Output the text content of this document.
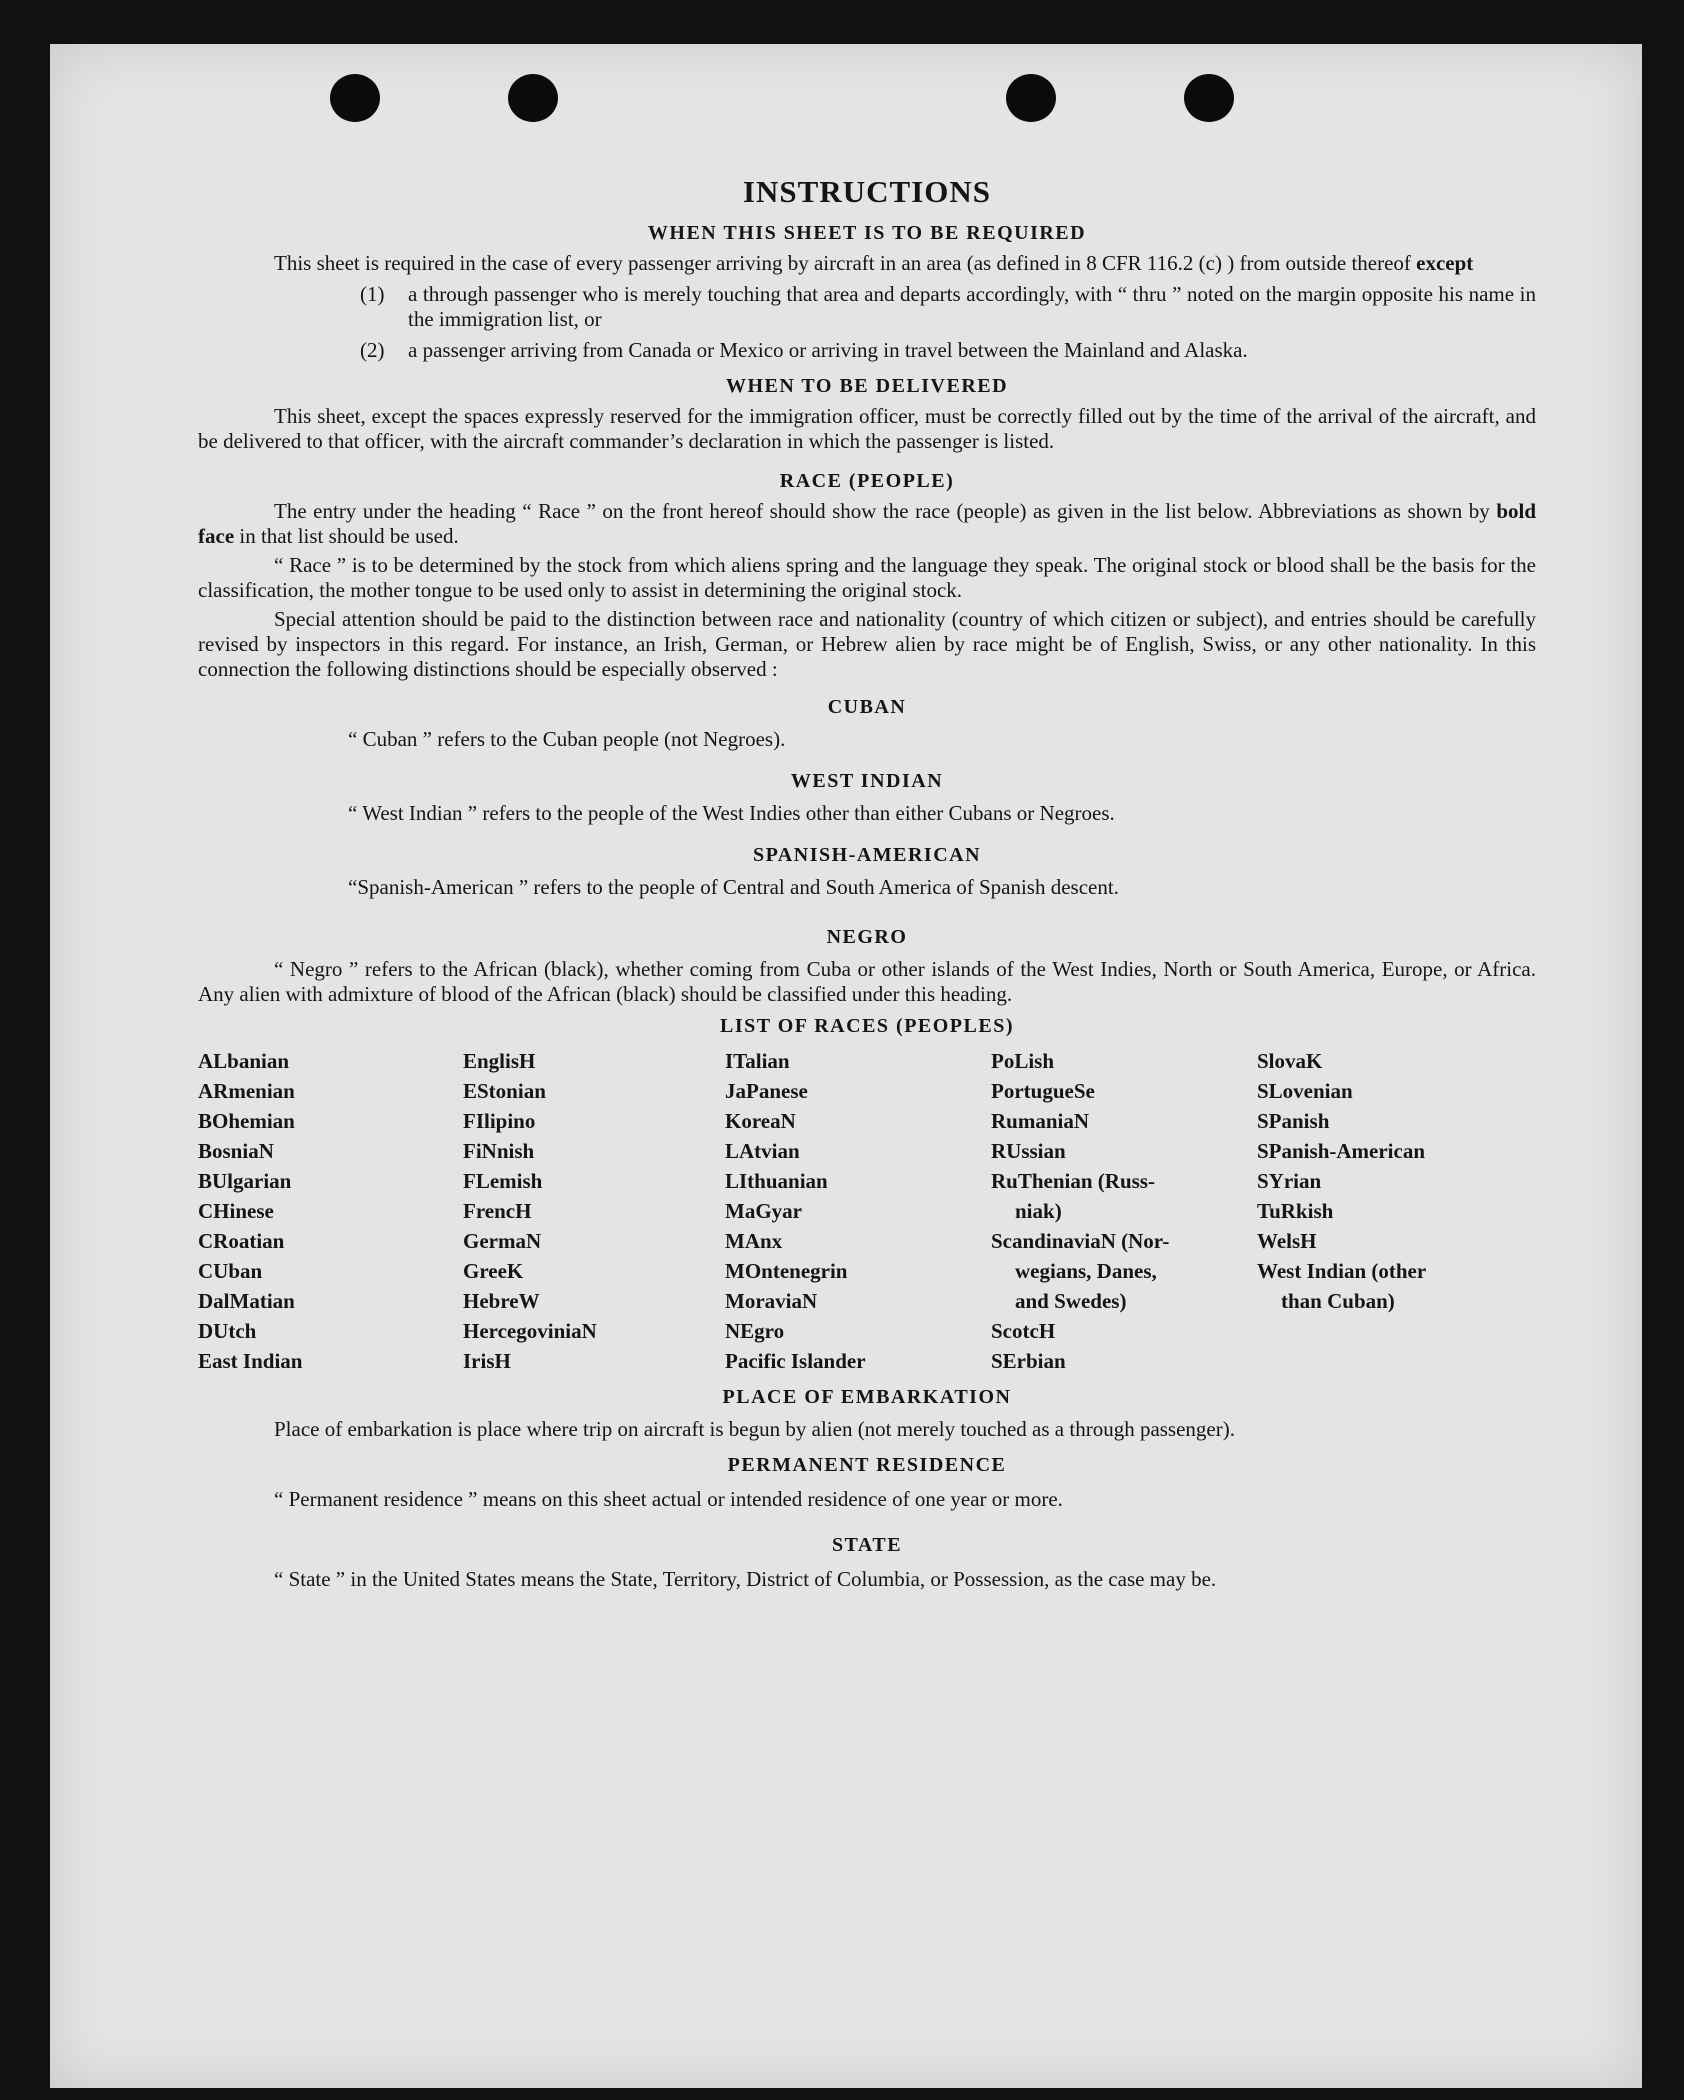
INSTRUCTIONS
WHEN THIS SHEET IS TO BE REQUIRED

This sheet is required in the case of every passenger arriving by aircraft in an area (as defined in 8 CFR 116.2 (c) ) from outside thereof except

(1)	a through passenger who is merely touching that area and departs accordingly, with “ thru ” noted on the margin opposite his name in the immigration list, or
(2)	a passenger arriving from Canada or Mexico or arriving in travel between the Mainland and Alaska.
WHEN TO BE DELIVERED

This sheet, except the spaces expressly reserved for the immigration officer, must be correctly filled out by the time of the arrival of the aircraft, and be delivered to that officer, with the aircraft commander’s declaration in which the passenger is listed.

RACE (PEOPLE)

The entry under the heading “ Race ” on the front hereof should show the race (people) as given in the list below. Abbreviations as shown by bold face in that list should be used.

“ Race ” is to be determined by the stock from which aliens spring and the language they speak. The original stock or blood shall be the basis for the classification, the mother tongue to be used only to assist in determining the original stock.

Special attention should be paid to the distinction between race and nationality (country of which citizen or subject), and entries should be carefully revised by inspectors in this regard. For instance, an Irish, German, or Hebrew alien by race might be of English, Swiss, or any other nationality. In this connection the following distinctions should be especially observed :

CUBAN

“ Cuban ” refers to the Cuban people (not Negroes).

WEST INDIAN

“ West Indian ” refers to the people of the West Indies other than either Cubans or Negroes.

SPANISH-AMERICAN

“Spanish-American ” refers to the people of Central and South America of Spanish descent.

NEGRO

“ Negro ” refers to the African (black), whether coming from Cuba or other islands of the West Indies, North or South America, Europe, or Africa. Any alien with admixture of blood of the African (black) should be classified under this heading.

LIST OF RACES (PEOPLES)
ALbanian
ARmenian
BOhemian
BosniaN
BUlgarian
CHinese
CRoatian
CUban
DalMatian
DUtch
East Indian
EnglisH
EStonian
FIlipino
FiNnish
FLemish
FrencH
GermaN
GreeK
HebreW
HercegoviniaN
IrisH
ITalian
JaPanese
KoreaN
LAtvian
LIthuanian
MaGyar
MAnx
MOntenegrin
MoraviaN
NEgro
Pacific Islander
PoLish
PortugueSe
RumaniaN
RUssian
RuThenian (Russ-
niak)
ScandinaviaN (Nor-
wegians, Danes,
and Swedes)
ScotcH
SErbian
SlovaK
SLovenian
SPanish
SPanish-American
SYrian
TuRkish
WelsH
West Indian (other
than Cuban)
PLACE OF EMBARKATION

Place of embarkation is place where trip on aircraft is begun by alien (not merely touched as a through passenger).

PERMANENT RESIDENCE

“ Permanent residence ” means on this sheet actual or intended residence of one year or more.

STATE

“ State ” in the United States means the State, Territory, District of Columbia, or Possession, as the case may be.
